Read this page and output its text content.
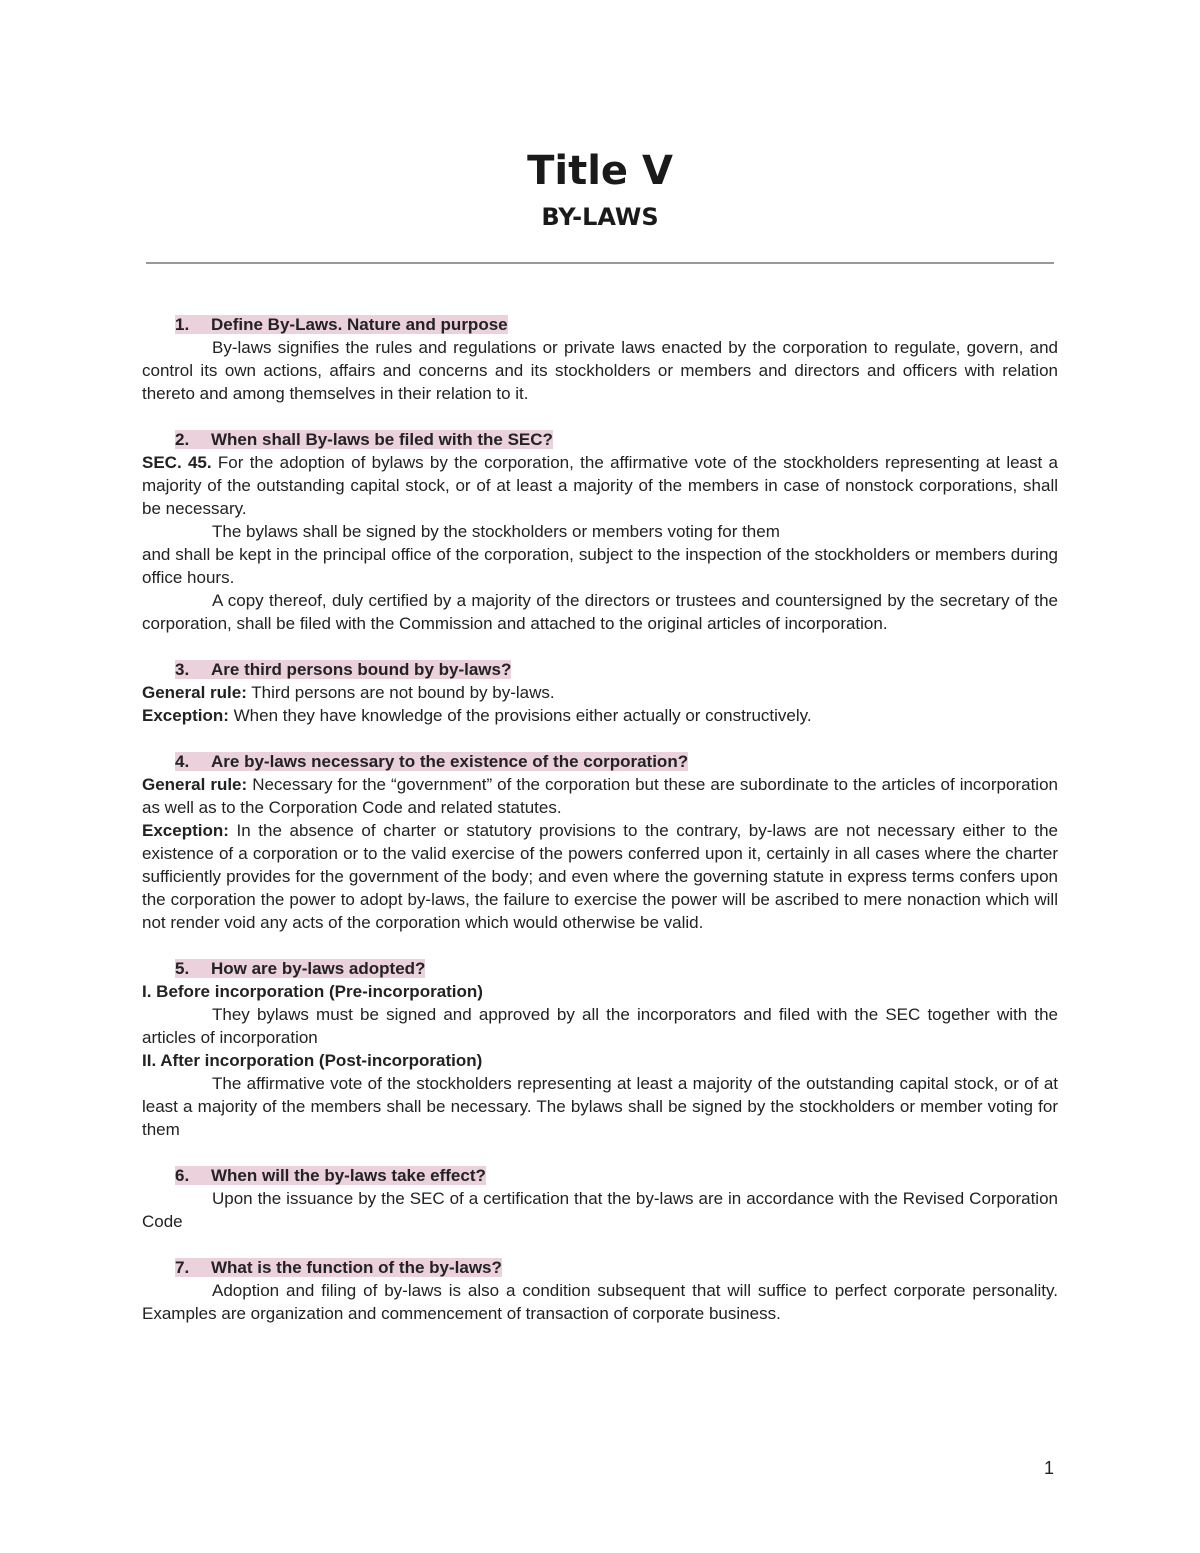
Title V
BY-LAWS
1. Define By-Laws. Nature and purpose

By-laws signifies the rules and regulations or private laws enacted by the corporation to regulate, govern, and control its own actions, affairs and concerns and its stockholders or members and directors and officers with relation thereto and among themselves in their relation to it.

2. When shall By-laws be filed with the SEC?

SEC. 45. For the adoption of bylaws by the corporation, the affirmative vote of the stockholders representing at least a majority of the outstanding capital stock, or of at least a majority of the members in case of nonstock corporations, shall be necessary.

The bylaws shall be signed by the stockholders or members voting for them

and shall be kept in the principal office of the corporation, subject to the inspection of the stockholders or members during office hours.

A copy thereof, duly certified by a majority of the directors or trustees and countersigned by the secretary of the corporation, shall be filed with the Commission and attached to the original articles of incorporation.

3. Are third persons bound by by-laws?

General rule: Third persons are not bound by by-laws.

Exception: When they have knowledge of the provisions either actually or constructively.

4. Are by-laws necessary to the existence of the corporation?

General rule: Necessary for the “government” of the corporation but these are subordinate to the articles of incorporation as well as to the Corporation Code and related statutes.

Exception: In the absence of charter or statutory provisions to the contrary, by-laws are not necessary either to the existence of a corporation or to the valid exercise of the powers conferred upon it, certainly in all cases where the charter sufficiently provides for the government of the body; and even where the governing statute in express terms confers upon the corporation the power to adopt by-laws, the failure to exercise the power will be ascribed to mere nonaction which will not render void any acts of the corporation which would otherwise be valid.

5. How are by-laws adopted?

I. Before incorporation (Pre-incorporation)

They bylaws must be signed and approved by all the incorporators and filed with the SEC together with the articles of incorporation

II. After incorporation (Post-incorporation)

The affirmative vote of the stockholders representing at least a majority of the outstanding capital stock, or of at least a majority of the members shall be necessary. The bylaws shall be signed by the stockholders or member voting for them

6. When will the by-laws take effect?

Upon the issuance by the SEC of a certification that the by-laws are in accordance with the Revised Corporation Code

7. What is the function of the by-laws?

Adoption and filing of by-laws is also a condition subsequent that will suffice to perfect corporate personality. Examples are organization and commencement of transaction of corporate business.

1
